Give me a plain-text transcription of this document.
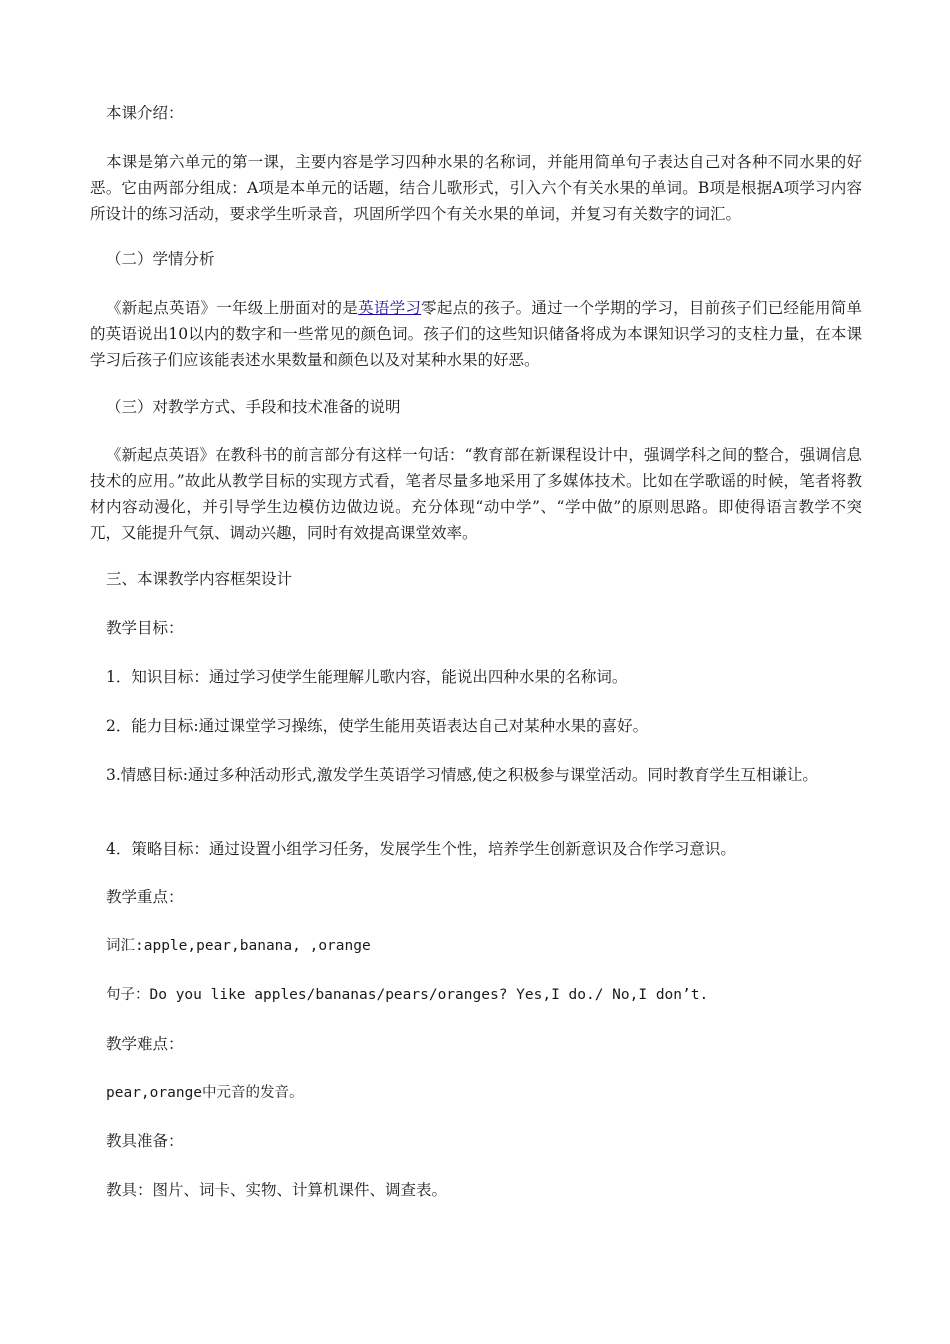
本课介绍：

本课是第六单元的第一课，主要内容是学习四种水果的名称词，并能用简单句子表达自己对各种不同水果的好恶。它由两部分组成：A项是本单元的话题，结合儿歌形式，引入六个有关水果的单词。B项是根据A项学习内容所设计的练习活动，要求学生听录音，巩固所学四个有关水果的单词，并复习有关数字的词汇。

（二）学情分析

《新起点英语》一年级上册面对的是英语学习零起点的孩子。通过一个学期的学习，目前孩子们已经能用简单的英语说出10以内的数字和一些常见的颜色词。孩子们的这些知识储备将成为本课知识学习的支柱力量，在本课学习后孩子们应该能表述水果数量和颜色以及对某种水果的好恶。

（三）对教学方式、手段和技术准备的说明

《新起点英语》在教科书的前言部分有这样一句话：“教育部在新课程设计中，强调学科之间的整合，强调信息技术的应用。”故此从教学目标的实现方式看，笔者尽量多地采用了多媒体技术。比如在学歌谣的时候，笔者将教材内容动漫化，并引导学生边模仿边做边说。充分体现“动中学”、“学中做”的原则思路。即使得语言教学不突兀，又能提升气氛、调动兴趣，同时有效提高课堂效率。

三、本课教学内容框架设计

教学目标：

1．知识目标：通过学习使学生能理解儿歌内容，能说出四种水果的名称词。

2．能力目标:通过课堂学习操练，使学生能用英语表达自己对某种水果的喜好。

3.情感目标:通过多种活动形式,激发学生英语学习情感,使之积极参与课堂活动。同时教育学生互相谦让。

4．策略目标：通过设置小组学习任务，发展学生个性，培养学生创新意识及合作学习意识。

教学重点：

词汇:apple,pear,banana, ,orange

句子：Do you like apples/bananas/pears/oranges? Yes,I do./ No,I don’t.

教学难点：

pear,orange中元音的发音。

教具准备：

教具：图片、词卡、实物、计算机课件、调查表。
